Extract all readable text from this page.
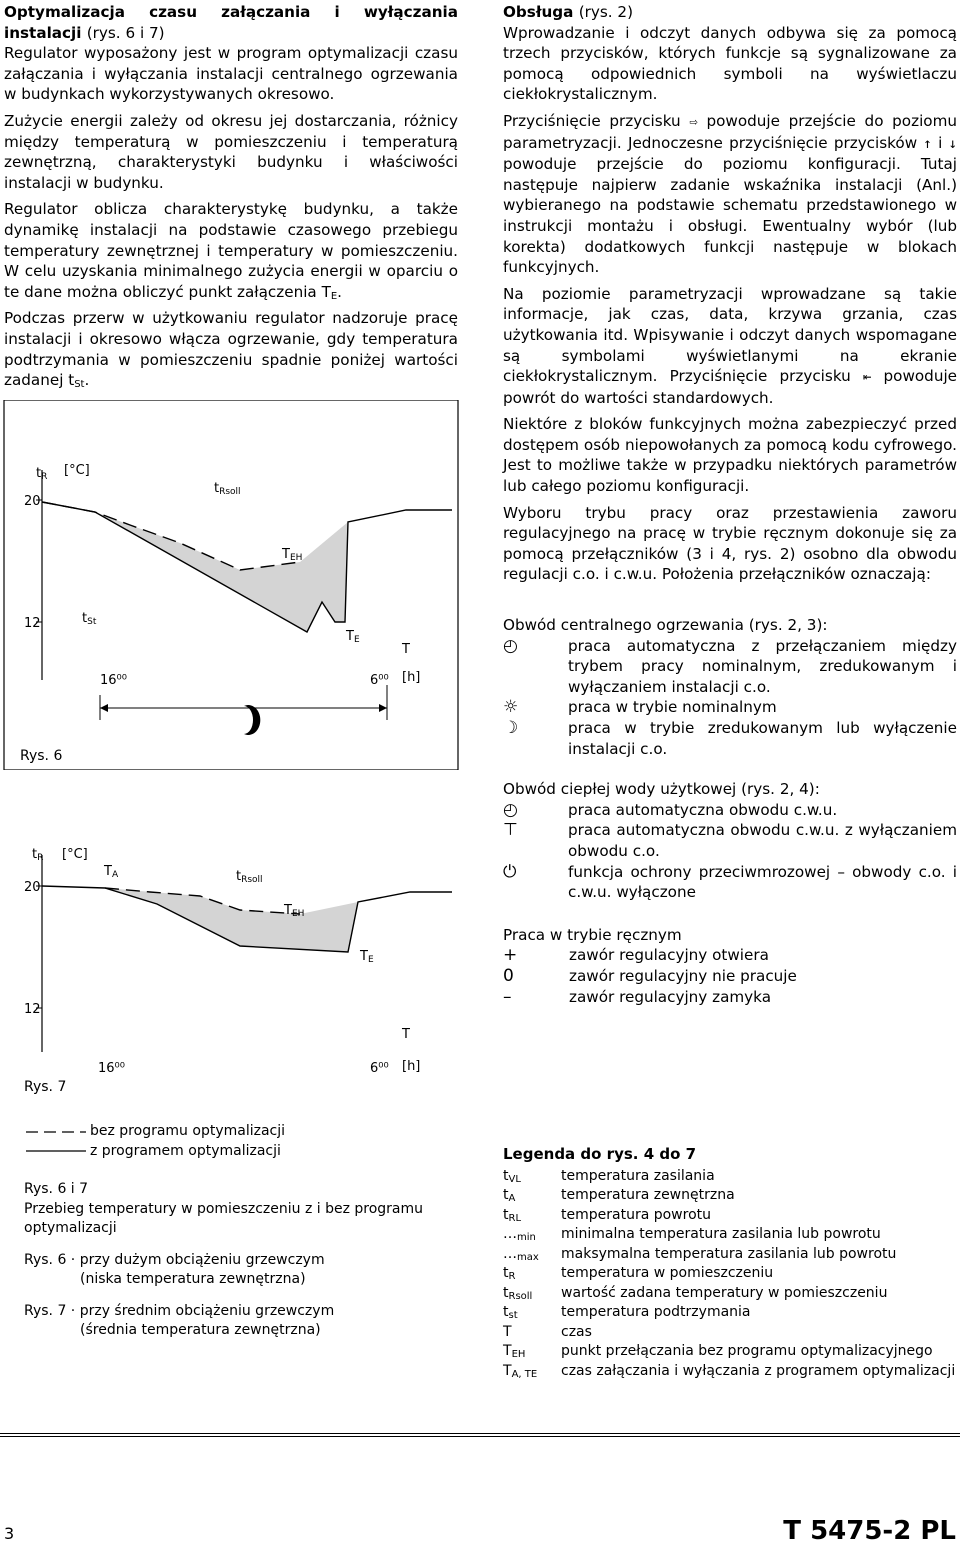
Optymalizacja czasu załączania i wyłączania instalacji (rys. 6 i 7)

Regulator wyposażony jest w program optymalizacji czasu załączania i wyłączania instalacji centralnego ogrzewania w budynkach wykorzystywanych okresowo.

Zużycie energii zależy od okresu jej dostarczania, różnicy między temperaturą w pomieszczeniu i temperaturą zewnętrzną, charakterystyki budynku i właściwości instalacji w budynku.

Regulator oblicza charakterystykę budynku, a także dynamikę instalacji na podstawie czasowego przebiegu temperatury zewnętrznej i temperatury w pomieszczeniu. W celu uzyskania minimalnego zużycia energii w oparciu o te dane można obliczyć punkt załączenia $T_E$.

Podczas przerw w użytkowaniu regulator nadzoruje pracę instalacji i okresowo włącza ogrzewanie, gdy temperatura podtrzymania w pomieszczeniu spadnie poniżej wartości zadanej $t_{St}$.

tR [°C]
20
12
tRsoll
TEH
tSt
TE
T
16⁰⁰	6⁰⁰ [h]
Rys. 6
tR [°C]
20
12
TA	tRsoll
TEH
TE
T
16⁰⁰	6⁰⁰ [h]
Rys. 7
bez programu optymalizacji
z programem optymalizacji
Rys. 6 i 7
Przebieg temperatury w pomieszczeniu z i bez programu optymalizacji
Rys. 6 · przy dużym obciążeniu grzewczym
(niska temperatura zewnętrzna)
Rys. 7 · przy średnim obciążeniu grzewczym
(średnia temperatura zewnętrzna)
Obsługa (rys. 2)

Wprowadzanie i odczyt danych odbywa się za pomocą trzech przycisków, których funkcje są sygnalizowane za pomocą odpowiednich symboli na wyświetlaczu ciekłokrystalicznym.

Przyciśnięcie przycisku ⇨ powoduje przejście do poziomu parametryzacji. Jednoczesne przyciśnięcie przycisków ↑ i ↓ powoduje przejście do poziomu konfiguracji. Tutaj następuje najpierw zadanie wskaźnika instalacji (Anl.) wybieranego na podstawie schematu przedstawionego w instrukcji montażu i obsługi. Ewentualny wybór (lub korekta) dodatkowych funkcji następuje w blokach funkcyjnych.

Na poziomie parametryzacji wprowadzane są takie informacje, jak czas, data, krzywa grzania, czas użytkowania itd. Wpisywanie i odczyt danych wspomagane są symbolami wyświetlanymi na ekranie ciekłokrystalicznym. Przyciśnięcie przycisku ⇤ powoduje powrót do wartości standardowych.

Niektóre z bloków funkcyjnych można zabezpieczyć przed dostępem osób niepowołanych za pomocą kodu cyfrowego. Jest to możliwe także w przypadku niektórych parametrów lub całego poziomu konfiguracji.

Wyboru trybu pracy oraz przestawienia zaworu regulacyjnego na pracę w trybie ręcznym dokonuje się za pomocą przełączników (3 i 4, rys. 2) osobno dla obwodu regulacji c.o. i c.w.u. Położenia przełączników oznaczają:

Obwód centralnego ogrzewania (rys. 2, 3):
◴	praca automatyczna z przełączaniem między trybem pracy nominalnym, zredukowanym i wyłączaniem instalacji c.o.
☼	praca w trybie nominalnym
☽	praca w trybie zredukowanym lub wyłączenie instalacji c.o.
Obwód ciepłej wody użytkowej (rys. 2, 4):
◴	praca automatyczna obwodu c.w.u.
⊤	praca automatyczna obwodu c.w.u. z wyłączaniem obwodu c.o.
⏻	funkcja ochrony przeciwmrozowej – obwody c.o. i c.w.u. wyłączone
Praca w trybie ręcznym
+	zawór regulacyjny otwiera
0	zawór regulacyjny nie pracuje
–	zawór regulacyjny zamyka
Legenda do rys. 4 do 7
$t_{VL}$	temperatura zasilania
$t_A$	temperatura zewnętrzna
$t_{RL}$	temperatura powrotu
$\dots_{min}$	minimalna temperatura zasilania lub powrotu
$\dots_{max}$	maksymalna temperatura zasilania lub powrotu
$t_R$	temperatura w pomieszczeniu
$t_{Rsoll}$	wartość zadana temperatury w pomieszczeniu
$t_{st}$	temperatura podtrzymania
T	czas
$T_{EH}$	punkt przełączania bez programu optymalizacyjnego
$T_{A, TE}$	czas załączania i wyłączania z programem optymalizacji
3	T 5475-2 PL
